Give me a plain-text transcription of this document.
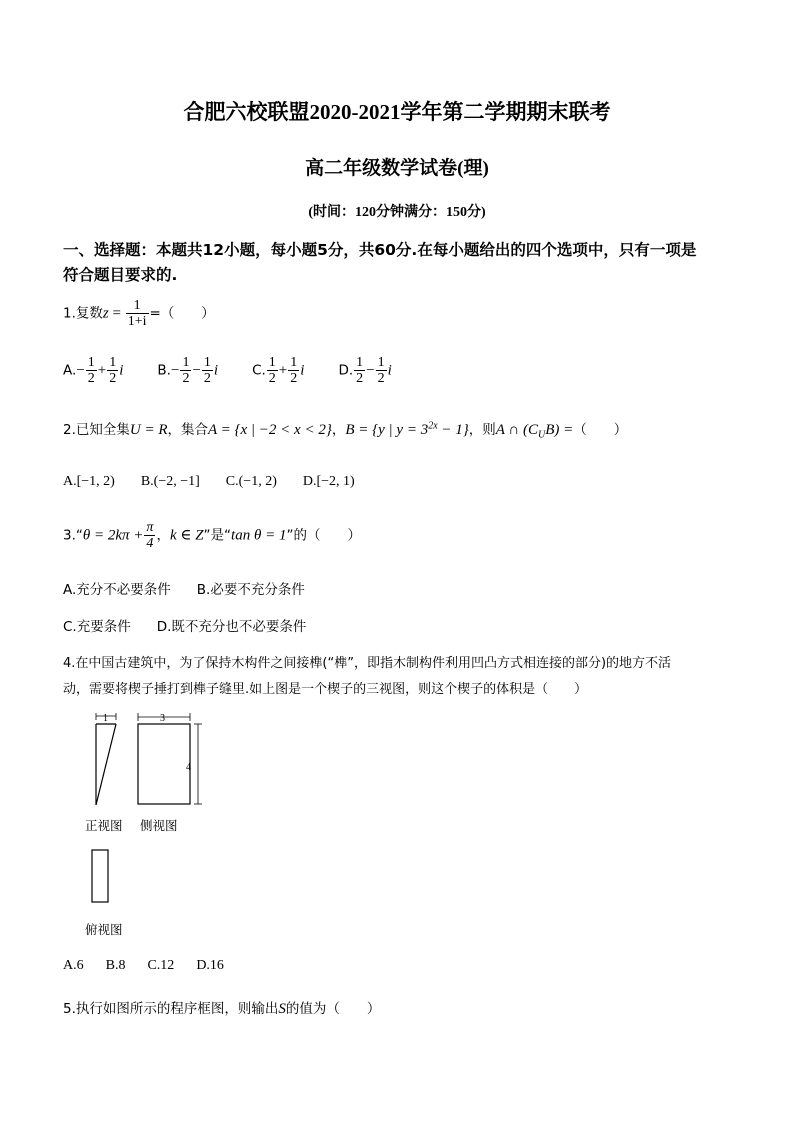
合肥六校联盟2020-2021学年第二学期期末联考
高二年级数学试卷(理)
(时间：120分钟满分：150分)
一、选择题：本题共12小题，每小题5分，共60分.在每小题给出的四个选项中，只有一项是
符合题目要求的.
1.复数$z = \frac{1}{1+i}$ =（　　）
$A.- \frac{1}{2} + \frac{1}{2}$ i	$B.- \frac{1}{2} - \frac{1}{2}$ i	C. $\frac{1}{2} + \frac{1}{2}$ i	D. $\frac{1}{2} - \frac{1}{2}$ i
2.已知全集U = R，集合A = {x | −2 < x < 2}，B = {y | $y = 3^{2x} - 1$}，则A ∩ $(C_UB)$ =（　　）
A.[−1, 2) B.(−2, −1] C.(−1, 2) D.[−2, 1)
3.“θ = $2k\pi + \frac{\pi}{4}$ ，k ∈ Z”是“tan θ = 1”的（　　）
A.充分不必要条件 B.必要不充分条件
C.充要条件 D.既不充分也不必要条件
4.在中国古建筑中，为了保持木构件之间接榫(“榫”，即指木制构件利用凹凸方式相连接的部分)的地方不活
动，需要将楔子捶打到榫子缝里.如上图是一个楔子的三视图，则这个楔子的体积是（　　）
1	3
4
正视图 侧视图
俯视图
A.6 B.8 C.12 D.16
5.执行如图所示的程序框图，则输出S的值为（　　）
